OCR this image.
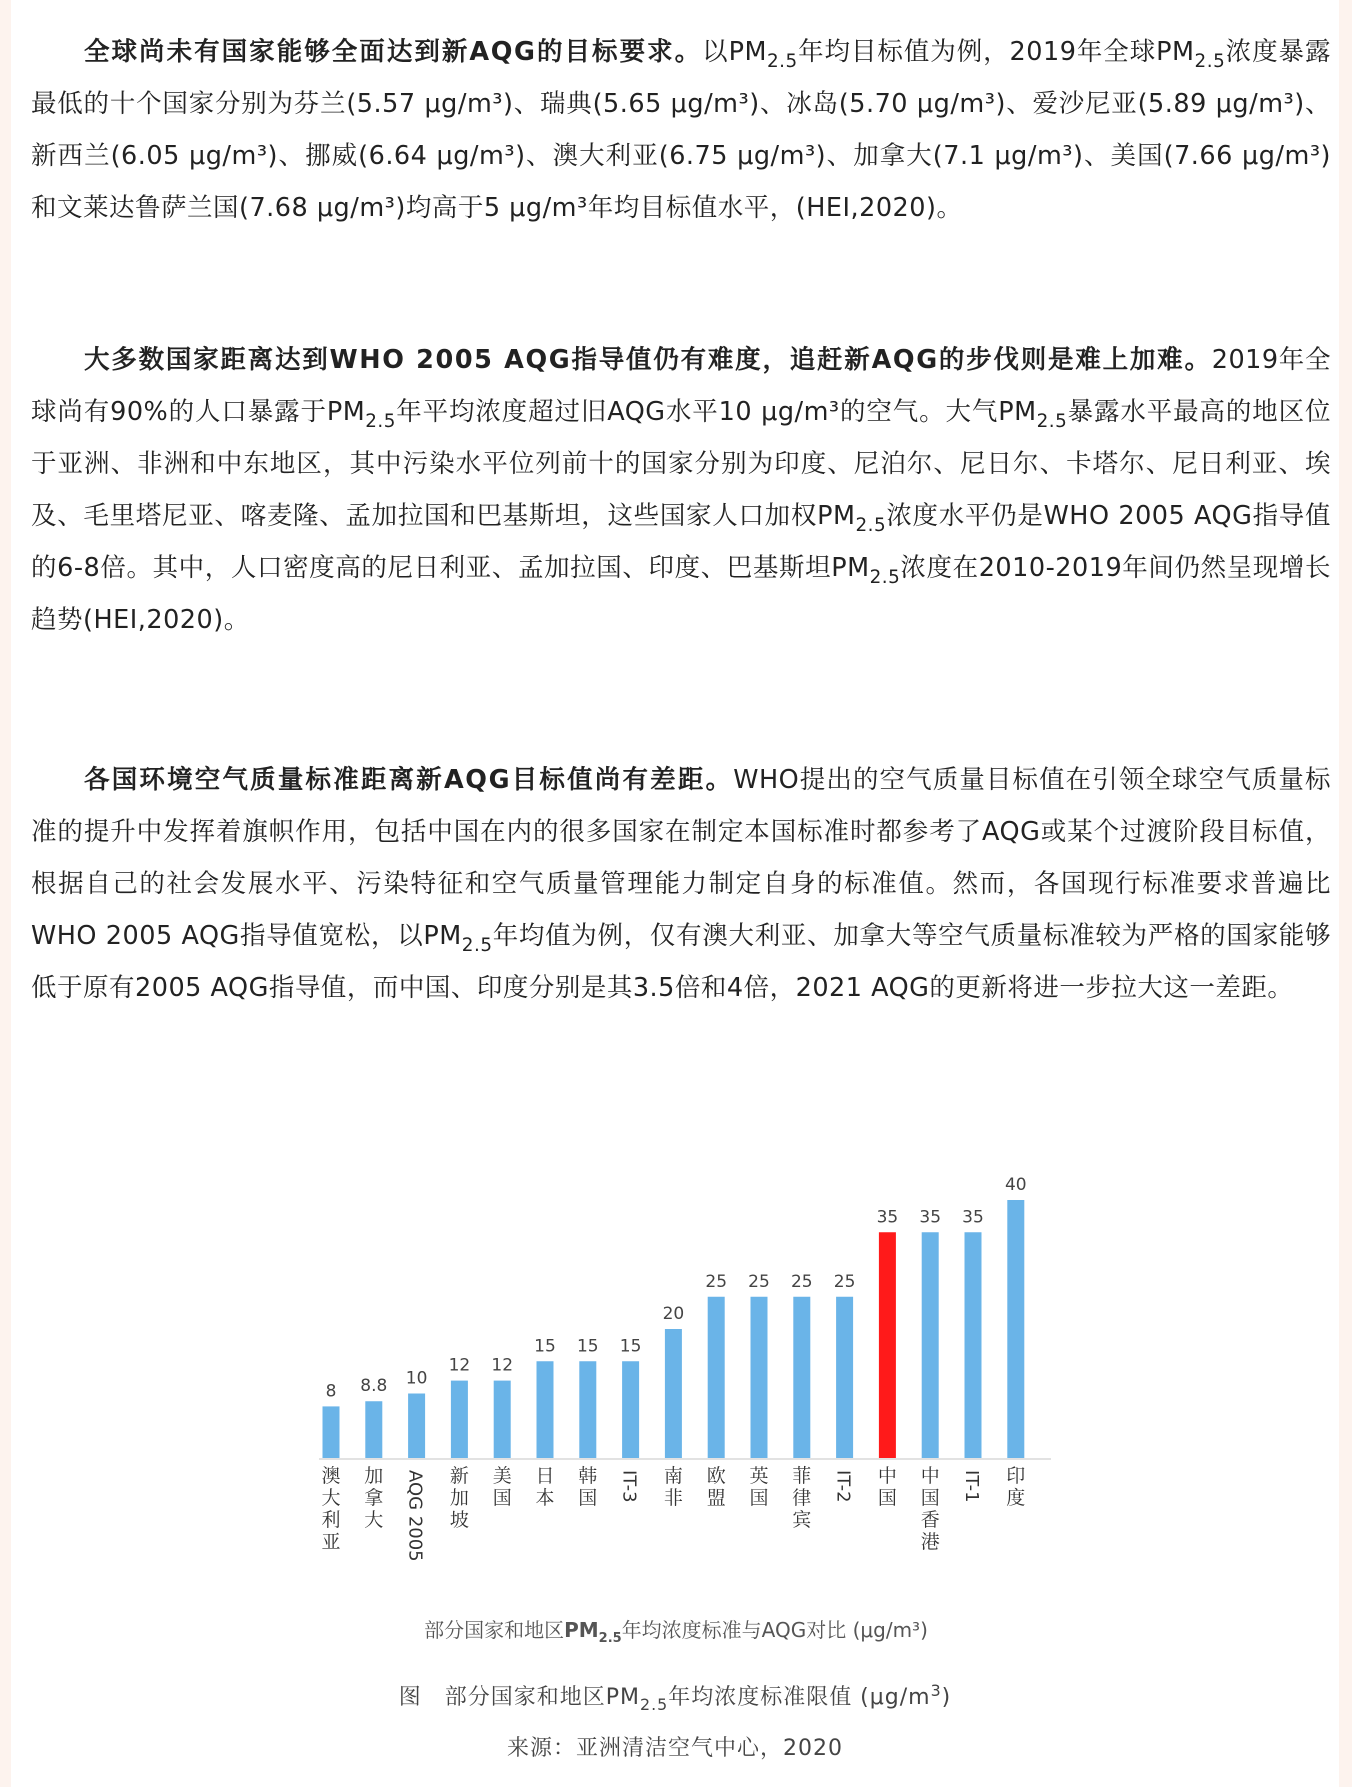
全球尚未有国家能够全面达到新AQG的目标要求。以$PM_{2.5}$年均目标值为例，2019年全球$PM_{2.5}$浓度暴露最低的十个国家分别为芬兰(5.57 μg/m³)、瑞典(5.65 μg/m³)、冰岛(5.70 μg/m³)、爱沙尼亚(5.89 μg/m³)、新西兰(6.05 μg/m³)、挪威(6.64 μg/m³)、澳大利亚(6.75 μg/m³)、加拿大(7.1 μg/m³)、美国(7.66 μg/m³)和文莱达鲁萨兰国(7.68 μg/m³)均高于5 μg/m³年均目标值水平，(HEI,2020)。

大多数国家距离达到WHO 2005 AQG指导值仍有难度，追赶新AQG的步伐则是难上加难。2019年全球尚有90%的人口暴露于$PM_{2.5}$年平均浓度超过旧AQG水平10 μg/m³的空气。大气$PM_{2.5}$暴露水平最高的地区位于亚洲、非洲和中东地区，其中污染水平位列前十的国家分别为印度、尼泊尔、尼日尔、卡塔尔、尼日利亚、埃及、毛里塔尼亚、喀麦隆、孟加拉国和巴基斯坦，这些国家人口加权$PM_{2.5}$浓度水平仍是WHO 2005 AQG指导值的6-8倍。其中，人口密度高的尼日利亚、孟加拉国、印度、巴基斯坦$PM_{2.5}$浓度在2010-2019年间仍然呈现增长趋势(HEI,2020)。

各国环境空气质量标准距离新AQG目标值尚有差距。WHO提出的空气质量目标值在引领全球空气质量标准的提升中发挥着旗帜作用，包括中国在内的很多国家在制定本国标准时都参考了AQG或某个过渡阶段目标值，根据自己的社会发展水平、污染特征和空气质量管理能力制定自身的标准值。然而，各国现行标准要求普遍比WHO 2005 AQG指导值宽松，以$PM_{2.5}$年均值为例，仅有澳大利亚、加拿大等空气质量标准较为严格的国家能够低于原有2005 AQG指导值，而中国、印度分别是其3.5倍和4倍，2021 AQG的更新将进一步拉大这一差距。

8
澳大利亚
8.8
加拿大
10
AQG 2005
12
新加坡
12
美国
15
日本
15
韩国
15
IT-3
20
南非
25
欧盟
25
英国
25
菲律宾
25
IT-2
35
中国
35
中国香港
35
IT-1
40
印度
部分国家和地区$PM_{2.5}$年均浓度标准与AQG对比 (μg/m³)
图　部分国家和地区$PM_{2.5}$年均浓度标准限值 $(\mu g/m^3)$
来源：亚洲清洁空气中心，2020
